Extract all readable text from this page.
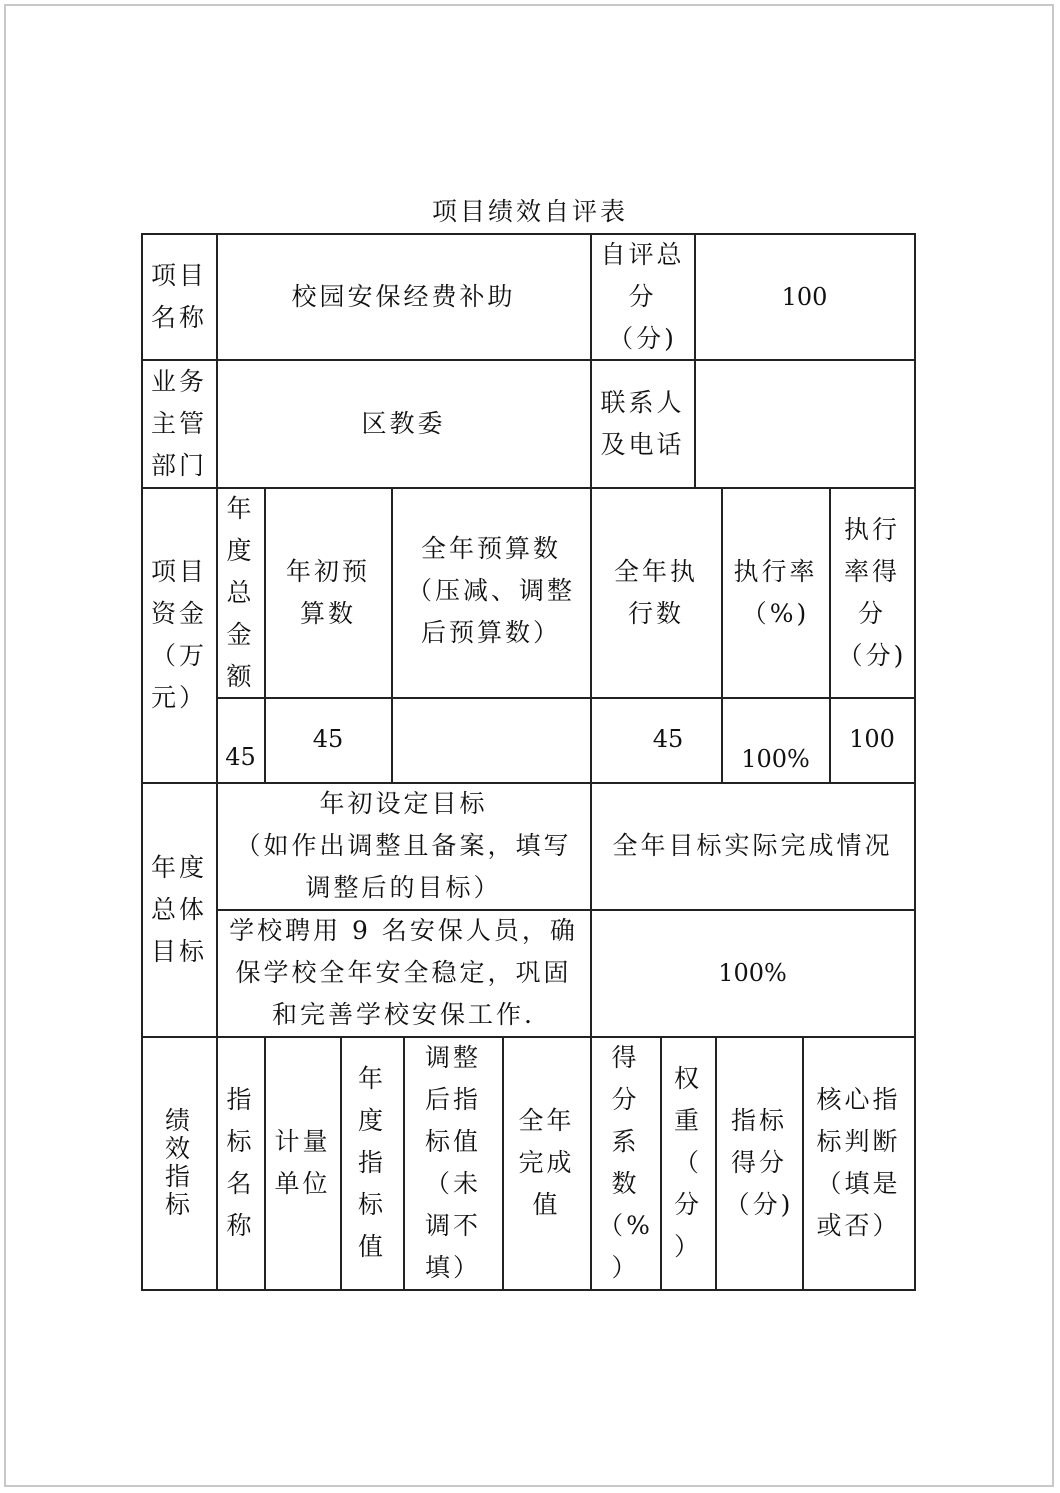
项目绩效自评表
项目
名称
校园安保经费补助
自评总
分
（分)
100
业务
主管
部门
区教委
联系人
及电话
项目
资金（万
元）
年
度
总
金
额
年初预
算数
全年预算数
（压减、调整
后预算数）
全年执
行数
执行率
（%)
执行
率得
分
（分)
45
45	45
100%
100
年度
总体
目标
年初设定目标
（如作出调整且备案，填写
调整后的目标）
全年目标实际完成情况
学校聘用 9 名安保人员，确
保学校全年安全稳定，巩固
和完善学校安保工作.
100%
绩
效
指
标
指
标
名
称
计量
单位
年
度
指
标
值
调整
后指
标值
（未
调不
填）
全年
完成
值
得
分
系
数
（%
）
权
重
（
分
）
指标
得分
（分)
核心指
标判断
（填是
或否）
